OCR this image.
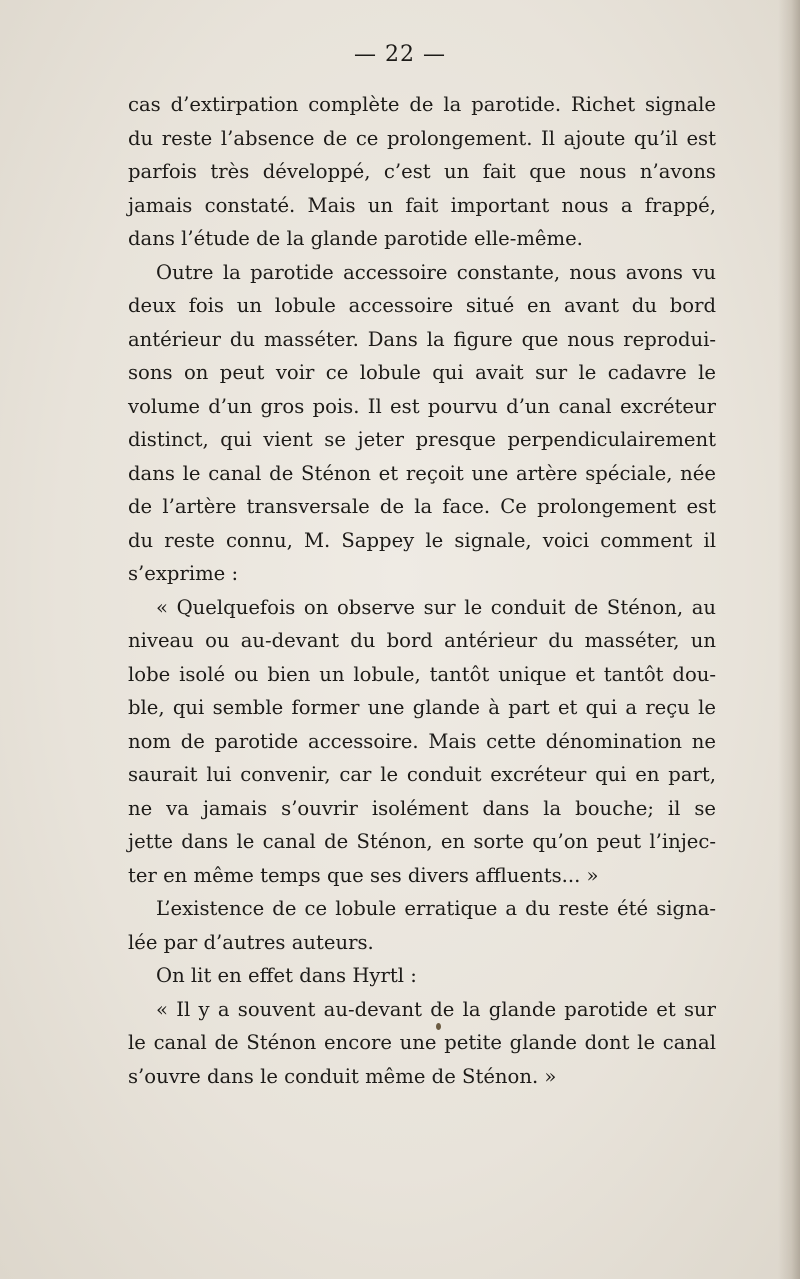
— 22 —
cas d’extirpation complète de la parotide. Richet signale
du reste l’absence de ce prolongement. Il ajoute qu’il est
parfois très développé, c’est un fait que nous n’avons
jamais constaté. Mais un fait important nous a frappé,
dans l’étude de la glande parotide elle-même.
Outre la parotide accessoire constante, nous avons vu
deux fois un lobule accessoire situé en avant du bord
antérieur du masséter. Dans la figure que nous reprodui-
sons on peut voir ce lobule qui avait sur le cadavre le
volume d’un gros pois. Il est pourvu d’un canal excréteur
distinct, qui vient se jeter presque perpendiculairement
dans le canal de Sténon et reçoit une artère spéciale, née
de l’artère transversale de la face. Ce prolongement est
du reste connu, M. Sappey le signale, voici comment il
s’exprime :
« Quelquefois on observe sur le conduit de Sténon, au
niveau ou au-devant du bord antérieur du masséter, un
lobe isolé ou bien un lobule, tantôt unique et tantôt dou-
ble, qui semble former une glande à part et qui a reçu le
nom de parotide accessoire. Mais cette dénomination ne
saurait lui convenir, car le conduit excréteur qui en part,
ne va jamais s’ouvrir isolément dans la bouche; il se
jette dans le canal de Sténon, en sorte qu’on peut l’injec-
ter en même temps que ses divers affluents... »
L’existence de ce lobule erratique a du reste été signa-
lée par d’autres auteurs.
On lit en effet dans Hyrtl :
« Il y a souvent au-devant de la glande parotide et sur
le canal de Sténon encore une petite glande dont le canal
s’ouvre dans le conduit même de Sténon. »
